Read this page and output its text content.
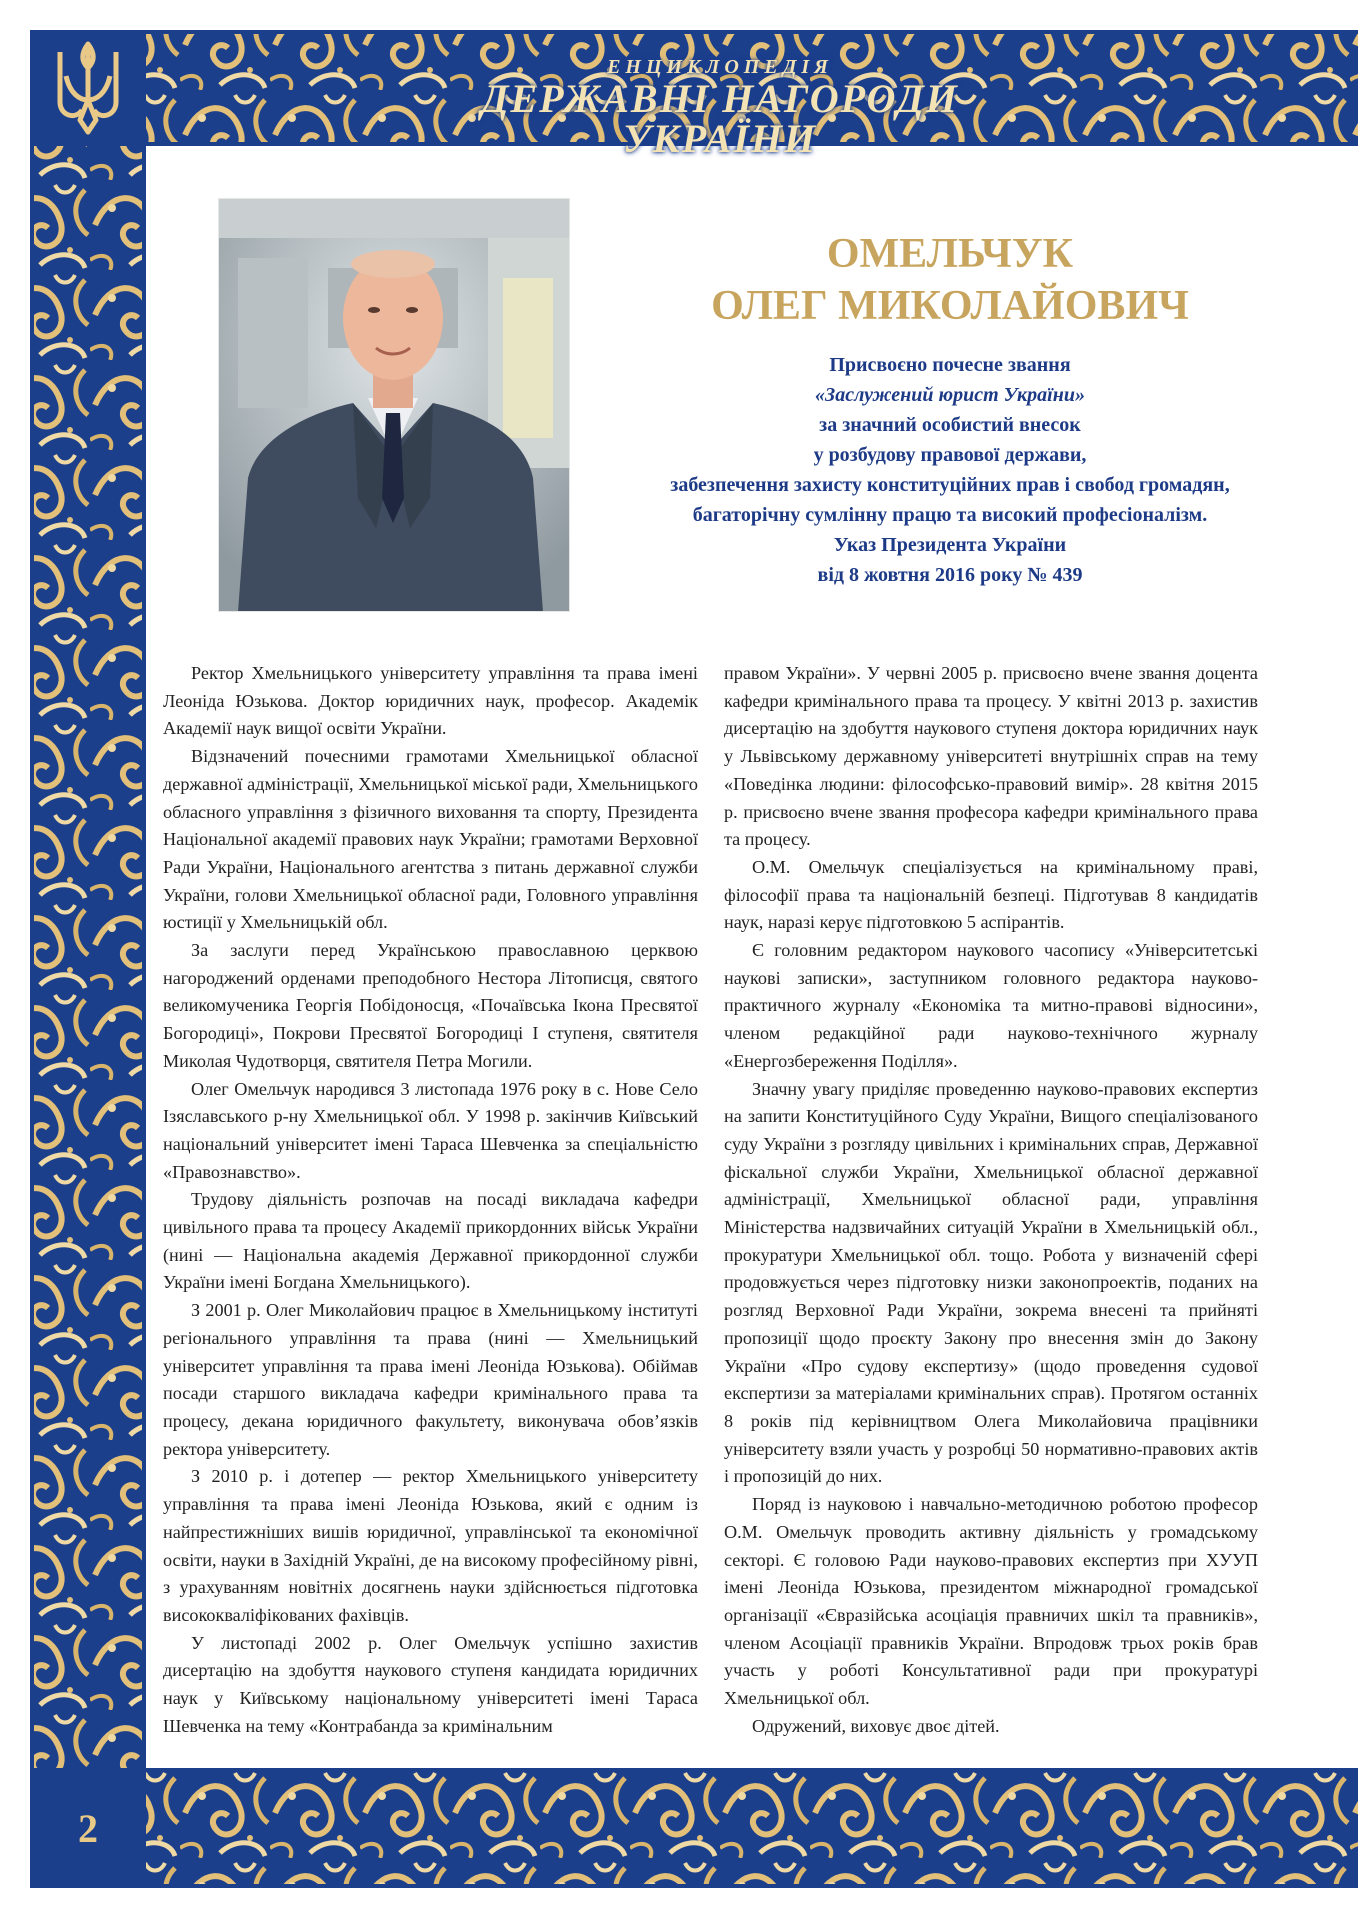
2
ЕНЦИКЛОПЕДІЯ
ДЕРЖАВНІ НАГОРОДИ
УКРАЇНИ
ОМЕЛЬЧУК
ОЛЕГ МИКОЛАЙОВИЧ
Присвоєно почесне звання
«Заслужений юрист України»
за значний особистий внесок
у розбудову правової держави,
забезпечення захисту конституційних прав і свобод громадян,
багаторічну сумлінну працю та високий професіоналізм.
Указ Президента України
від 8 жовтня 2016 року № 439

Ректор Хмельницького університету управління та права імені Леоніда Юзькова. Доктор юридичних наук, професор. Академік Академії наук вищої освіти України.

Відзначений почесними грамотами Хмельницької обласної державної адміністрації, Хмельницької міської ради, Хмельницького обласного управління з фізичного виховання та спорту, Президента Національної академії правових наук України; грамотами Верховної Ради України, Національного агентства з питань державної служби України, голови Хмельницької обласної ради, Головного управління юстиції у Хмельницькій обл.

За заслуги перед Українською православною церквою нагороджений орденами преподобного Нестора Літописця, святого великомученика Георгія Побідоносця, «Почаївська Ікона Пресвятої Богородиці», Покрови Пресвятої Богородиці І ступеня, святителя Миколая Чудотворця, святителя Петра Могили.

Олег Омельчук народився 3 листопада 1976 року в с. Нове Село Ізяславського р-ну Хмельницької обл. У 1998 р. закінчив Київський національний університет імені Тараса Шевченка за спеціальністю «Правознавство».

Трудову діяльність розпочав на посаді викладача кафедри цивільного права та процесу Академії прикордонних військ України (нині — Національна академія Державної прикордонної служби України імені Богдана Хмельницького).

З 2001 р. Олег Миколайович працює в Хмельницькому інституті регіонального управління та права (нині — Хмельницький університет управління та права імені Леоніда Юзькова). Обіймав посади старшого викладача кафедри кримінального права та процесу, декана юридичного факультету, виконувача обов’язків ректора університету.

З 2010 р. і дотепер — ректор Хмельницького університету управління та права імені Леоніда Юзькова, який є одним із найпрестижніших вишів юридичної, управлінської та економічної освіти, науки в Західній Україні, де на високому професійному рівні, з урахуванням новітніх досягнень науки здійснюється підготовка висококваліфікованих фахівців.

У листопаді 2002 р. Олег Омельчук успішно захистив дисертацію на здобуття наукового ступеня кандидата юридичних наук у Київському національному університеті імені Тараса Шевченка на тему «Контрабанда за кримінальним

правом України». У червні 2005 р. присвоєно вчене звання доцента кафедри кримінального права та процесу. У квітні 2013 р. захистив дисертацію на здобуття наукового ступеня доктора юридичних наук у Львівському державному університеті внутрішніх справ на тему «Поведінка людини: філософсько-правовий вимір». 28 квітня 2015 р. присвоєно вчене звання професора кафедри кримінального права та процесу.

О.М. Омельчук спеціалізується на кримінальному праві, філософії права та національній безпеці. Підготував 8 кандидатів наук, наразі керує підготовкою 5 аспірантів.

Є головним редактором наукового часопису «Університетські наукові записки», заступником головного редактора науково-практичного журналу «Економіка та митно-правові відносини», членом редакційної ради науково-технічного журналу «Енергозбереження Поділля».

Значну увагу приділяє проведенню науково-правових експертиз на запити Конституційного Суду України, Вищого спеціалізованого суду України з розгляду цивільних і кримінальних справ, Державної фіскальної служби України, Хмельницької обласної державної адміністрації, Хмельницької обласної ради, управління Міністерства надзвичайних ситуацій України в Хмельницькій обл., прокуратури Хмельницької обл. тощо. Робота у визначеній сфері продовжується через підготовку низки законопроектів, поданих на розгляд Верховної Ради України, зокрема внесені та прийняті пропозиції щодо проєкту Закону про внесення змін до Закону України «Про судову експертизу» (щодо проведення судової експертизи за матеріалами кримінальних справ). Протягом останніх 8 років під керівництвом Олега Миколайовича працівники університету взяли участь у розробці 50 нормативно-правових актів і пропозицій до них.

Поряд із науковою і навчально-методичною роботою професор О.М. Омельчук проводить активну діяльність у громадському секторі. Є головою Ради науково-правових експертиз при ХУУП імені Леоніда Юзькова, президентом міжнародної громадської організації «Євразійська асоціація правничих шкіл та правників», членом Асоціації правників України. Впродовж трьох років брав участь у роботі Консультативної ради при прокуратурі Хмельницької обл.

Одружений, виховує двоє дітей.
